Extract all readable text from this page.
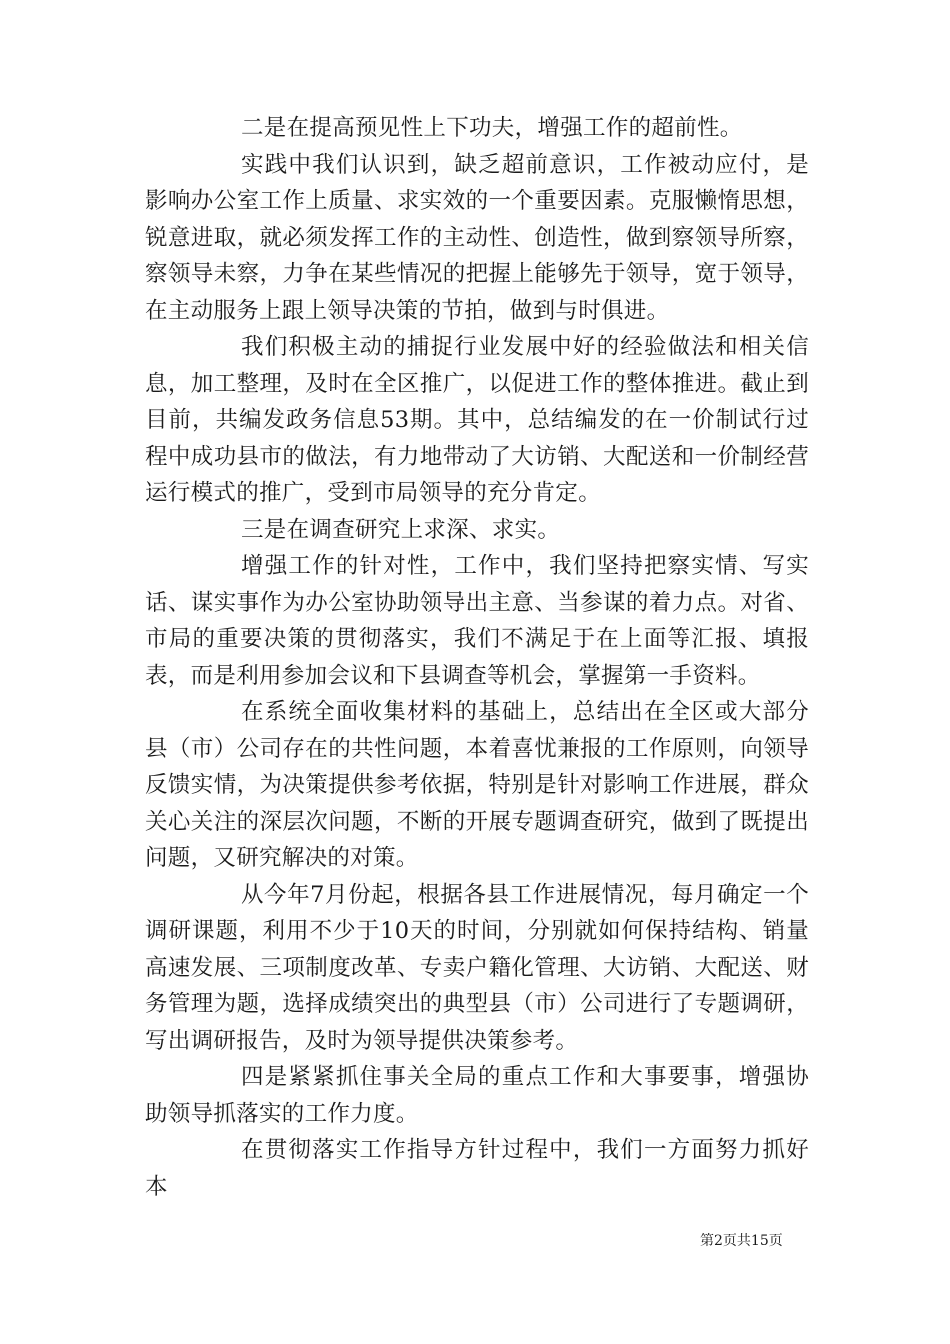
二是在提高预见性上下功夫，增强工作的超前性。

实践中我们认识到，缺乏超前意识，工作被动应付，是影响办公室工作上质量、求实效的一个重要因素。克服懒惰思想，锐意进取，就必须发挥工作的主动性、创造性，做到察领导所察，察领导未察，力争在某些情况的把握上能够先于领导，宽于领导，在主动服务上跟上领导决策的节拍，做到与时俱进。

我们积极主动的捕捉行业发展中好的经验做法和相关信息，加工整理，及时在全区推广，以促进工作的整体推进。截止到目前，共编发政务信息53期。其中，总结编发的在一价制试行过程中成功县市的做法，有力地带动了大访销、大配送和一价制经营运行模式的推广，受到市局领导的充分肯定。

三是在调查研究上求深、求实。

增强工作的针对性，工作中，我们坚持把察实情、写实话、谋实事作为办公室协助领导出主意、当参谋的着力点。对省、市局的重要决策的贯彻落实，我们不满足于在上面等汇报、填报表，而是利用参加会议和下县调查等机会，掌握第一手资料。

在系统全面收集材料的基础上，总结出在全区或大部分县（市）公司存在的共性问题，本着喜忧兼报的工作原则，向领导反馈实情，为决策提供参考依据，特别是针对影响工作进展，群众关心关注的深层次问题，不断的开展专题调查研究，做到了既提出问题，又研究解决的对策。

从今年7月份起，根据各县工作进展情况，每月确定一个调研课题，利用不少于10天的时间，分别就如何保持结构、销量高速发展、三项制度改革、专卖户籍化管理、大访销、大配送、财务管理为题，选择成绩突出的典型县（市）公司进行了专题调研，写出调研报告，及时为领导提供决策参考。

四是紧紧抓住事关全局的重点工作和大事要事，增强协助领导抓落实的工作力度。

在贯彻落实工作指导方针过程中，我们一方面努力抓好本

第2页共15页
